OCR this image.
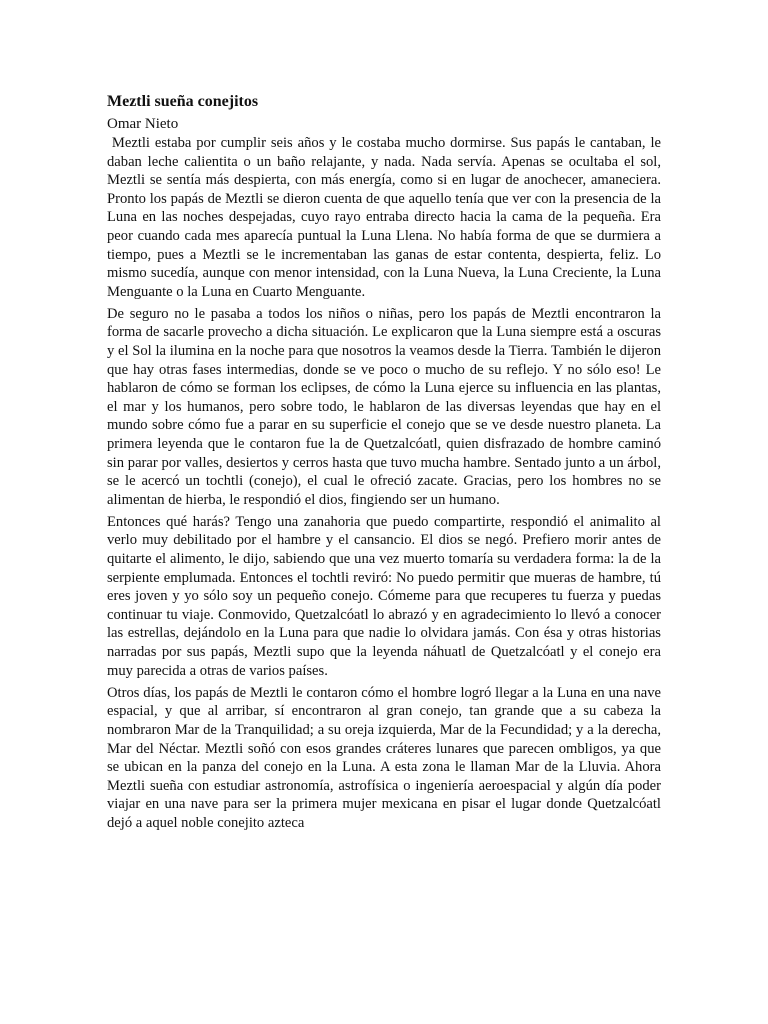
Meztli sueña conejitos
Omar Nieto

Meztli estaba por cumplir seis años y le costaba mucho dormirse. Sus papás le cantaban, le daban leche calientita o un baño relajante, y nada. Nada servía. Apenas se ocultaba el sol, Meztli se sentía más despierta, con más energía, como si en lugar de anochecer, amaneciera. Pronto los papás de Meztli se dieron cuenta de que aquello tenía que ver con la presencia de la Luna en las noches despejadas, cuyo rayo entraba directo hacia la cama de la pequeña. Era peor cuando cada mes aparecía puntual la Luna Llena. No había forma de que se durmiera a tiempo, pues a Meztli se le incrementaban las ganas de estar contenta, despierta, feliz. Lo mismo sucedía, aunque con menor intensidad, con la Luna Nueva, la Luna Creciente, la Luna Menguante o la Luna en Cuarto Menguante.

De seguro no le pasaba a todos los niños o niñas, pero los papás de Meztli encontraron la forma de sacarle provecho a dicha situación. Le explicaron que la Luna siempre está a oscuras y el Sol la ilumina en la noche para que nosotros la veamos desde la Tierra. También le dijeron que hay otras fases intermedias, donde se ve poco o mucho de su reflejo. Y no sólo eso! Le hablaron de cómo se forman los eclipses, de cómo la Luna ejerce su influencia en las plantas, el mar y los humanos, pero sobre todo, le hablaron de las diversas leyendas que hay en el mundo sobre cómo fue a parar en su superficie el conejo que se ve desde nuestro planeta. La primera leyenda que le contaron fue la de Quetzalcóatl, quien disfrazado de hombre caminó sin parar por valles, desiertos y cerros hasta que tuvo mucha hambre. Sentado junto a un árbol, se le acercó un tochtli (conejo), el cual le ofreció zacate. Gracias, pero los hombres no se alimentan de hierba, le respondió el dios, fingiendo ser un humano.

Entonces qué harás? Tengo una zanahoria que puedo compartirte, respondió el animalito al verlo muy debilitado por el hambre y el cansancio. El dios se negó. Prefiero morir antes de quitarte el alimento, le dijo, sabiendo que una vez muerto tomaría su verdadera forma: la de la serpiente emplumada. Entonces el tochtli reviró: No puedo permitir que mueras de hambre, tú eres joven y yo sólo soy un pequeño conejo. Cómeme para que recuperes tu fuerza y puedas continuar tu viaje. Conmovido, Quetzalcóatl lo abrazó y en agradecimiento lo llevó a conocer las estrellas, dejándolo en la Luna para que nadie lo olvidara jamás. Con ésa y otras historias narradas por sus papás, Meztli supo que la leyenda náhuatl de Quetzalcóatl y el conejo era muy parecida a otras de varios países.

Otros días, los papás de Meztli le contaron cómo el hombre logró llegar a la Luna en una nave espacial, y que al arribar, sí encontraron al gran conejo, tan grande que a su cabeza la nombraron Mar de la Tranquilidad; a su oreja izquierda, Mar de la Fecundidad; y a la derecha, Mar del Néctar. Meztli soñó con esos grandes cráteres lunares que parecen ombligos, ya que se ubican en la panza del conejo en la Luna. A esta zona le llaman Mar de la Lluvia. Ahora Meztli sueña con estudiar astronomía, astrofísica o ingeniería aeroespacial y algún día poder viajar en una nave para ser la primera mujer mexicana en pisar el lugar donde Quetzalcóatl dejó a aquel noble conejito azteca
